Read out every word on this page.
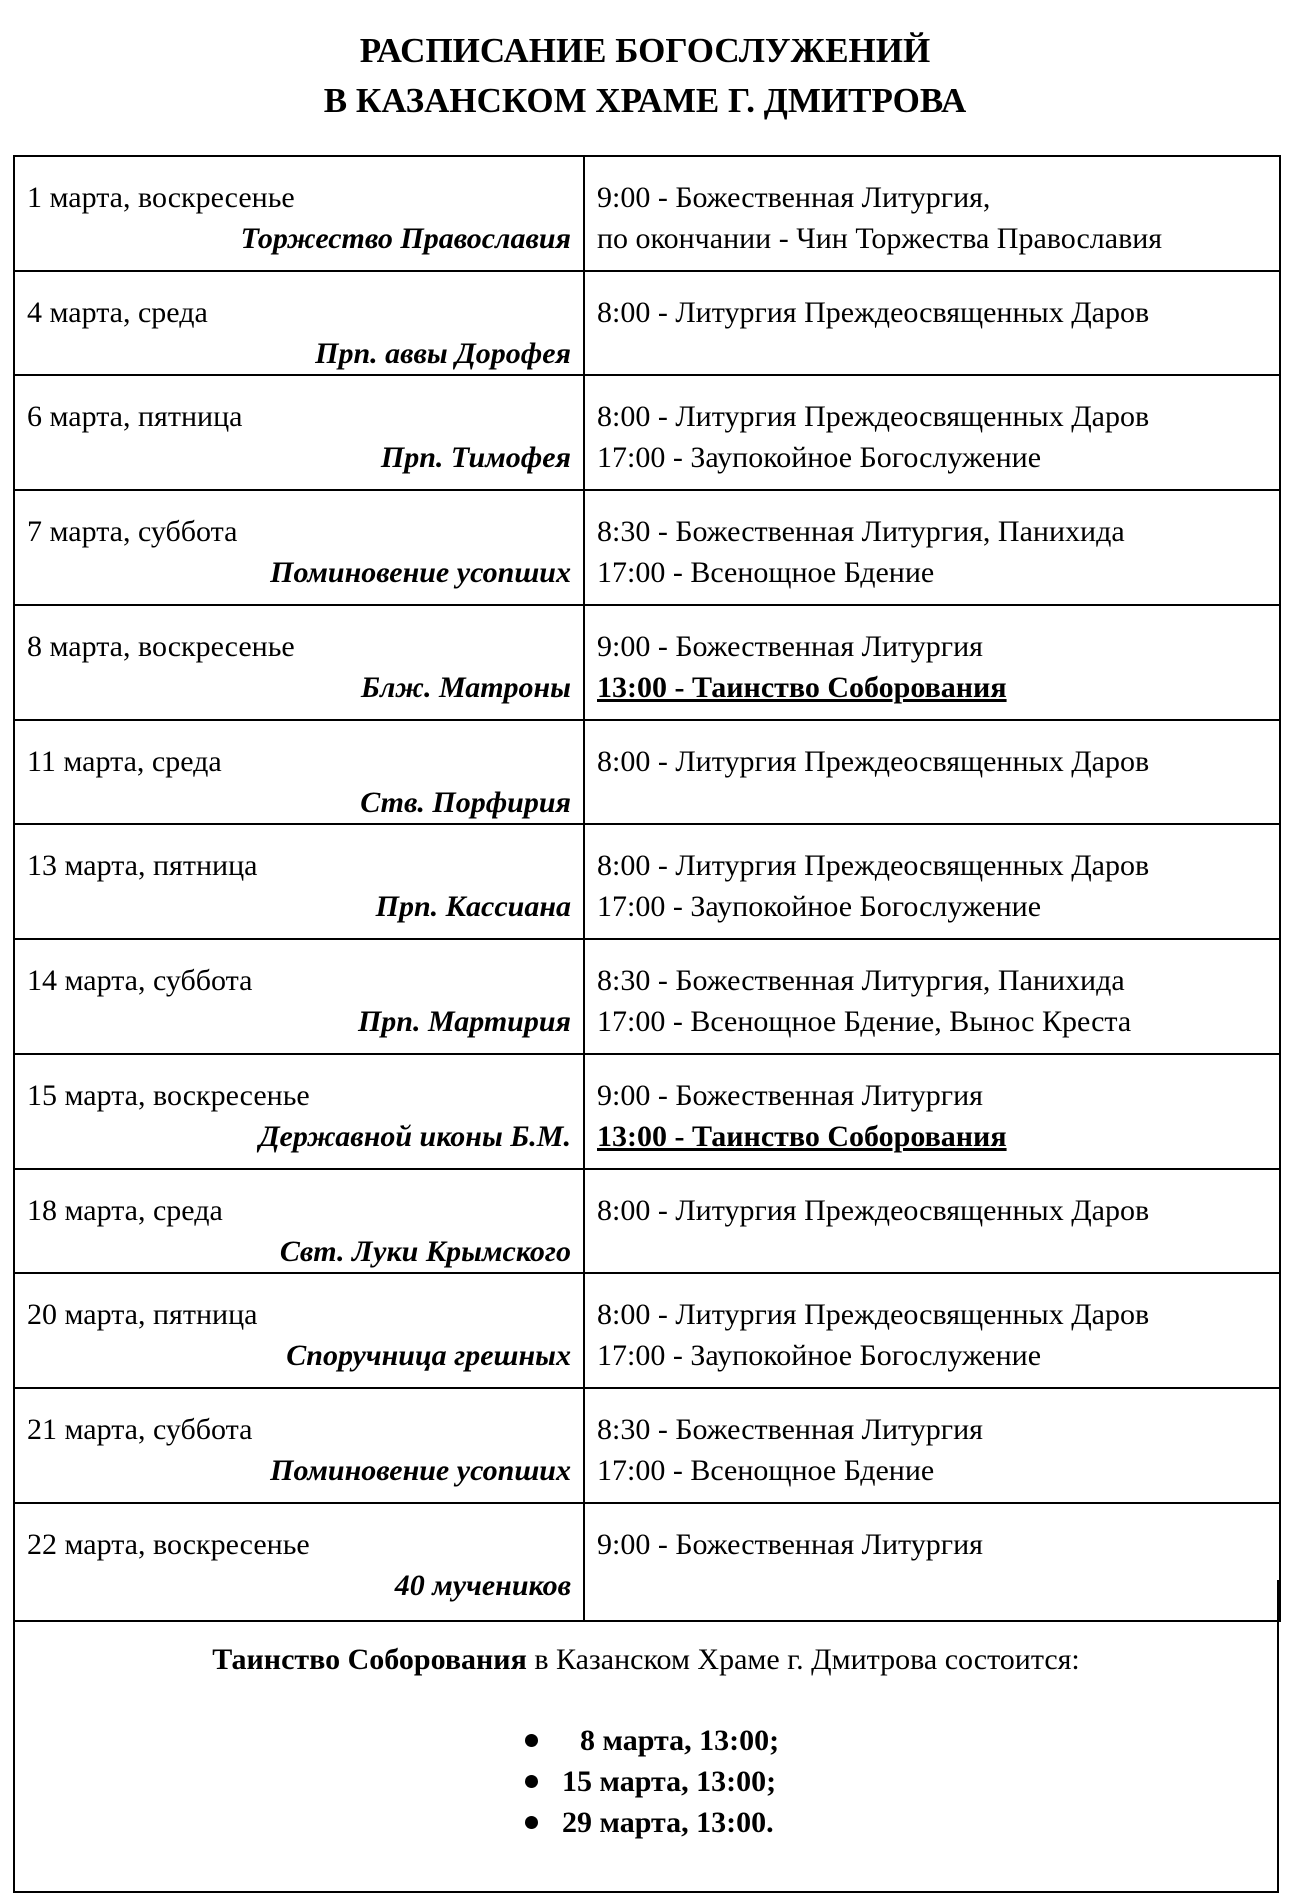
РАСПИСАНИЕ БОГОСЛУЖЕНИЙ
В КАЗАНСКОМ ХРАМЕ Г. ДМИТРОВА
1 марта, воскресенье
Торжество Православия	9:00 - Божественная Литургия,
по окончании - Чин Торжества Православия

4 марта, среда
Прп. аввы Дорофея	8:00 - Литургия Преждеосвященных Даров

6 марта, пятница
Прп. Тимофея	8:00 - Литургия Преждеосвященных Даров
17:00 - Заупокойное Богослужение

7 марта, суббота
Поминовение усопших	8:30 - Божественная Литургия, Панихида
17:00 - Всенощное Бдение

8 марта, воскресенье
Блж. Матроны	9:00 - Божественная Литургия
13:00 - Таинство Соборования

11 марта, среда
Ств. Порфирия	8:00 - Литургия Преждеосвященных Даров

13 марта, пятница
Прп. Кассиана	8:00 - Литургия Преждеосвященных Даров
17:00 - Заупокойное Богослужение

14 марта, суббота
Прп. Мартирия	8:30 - Божественная Литургия, Панихида
17:00 - Всенощное Бдение, Вынос Креста

15 марта, воскресенье
Державной иконы Б.М.	9:00 - Божественная Литургия
13:00 - Таинство Соборования

18 марта, среда
Свт. Луки Крымского	8:00 - Литургия Преждеосвященных Даров

20 марта, пятница
Споручница грешных	8:00 - Литургия Преждеосвященных Даров
17:00 - Заупокойное Богослужение

21 марта, суббота
Поминовение усопших	8:30 - Божественная Литургия
17:00 - Всенощное Бдение

22 марта, воскресенье
40 мучеников	9:00 - Божественная Литургия
Таинство Соборования в Казанском Храме г. Дмитрова состоится:
8 марта, 13:00;
15 марта, 13:00;
29 марта, 13:00.
